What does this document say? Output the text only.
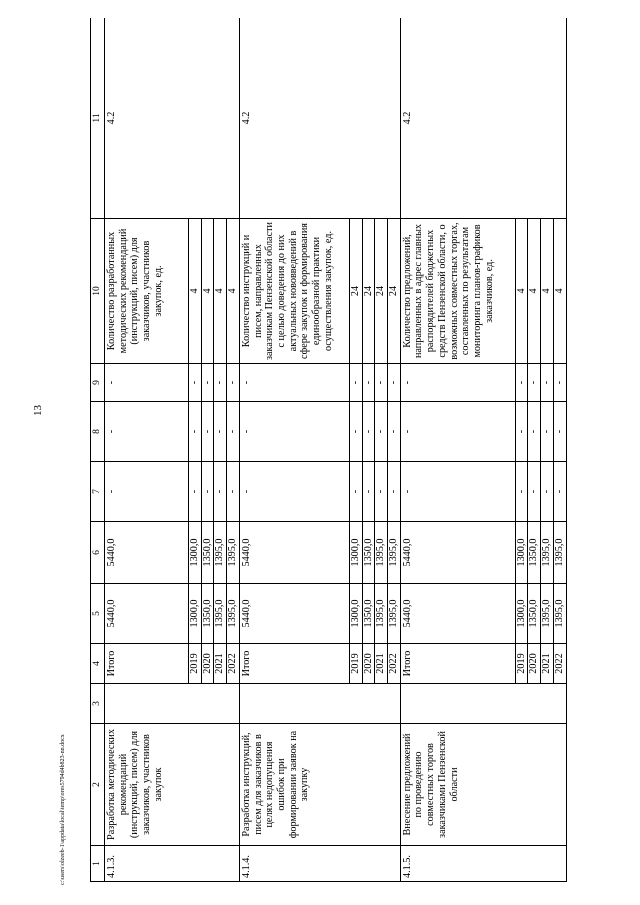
13
1	2	3	4	5	6	7	8	9	10	11
4.1.3.	Разработка методических рекомендаций (инструкций, писем) для заказчиков, участников закупок		Итого	5440,0	5440,0	-	-	-	Количество разработанных методических рекомендаций (инструкций, писем) для заказчиков, участников закупок, ед.	4.2
			2019	1300,0	1300,0	-	-	-	4	
			2020	1350,0	1350,0	-	-	-	4	
			2021	1395,0	1395,0	-	-	-	4	
			2022	1395,0	1395,0	-	-	-	4	
4.1.4.	Разработка инструкций, писем для заказчиков в целях недопущения ошибок при формировании заявок на закупку		Итого	5440,0	5440,0	-	-	-	Количество инструкций и писем, направленных заказчикам Пензенской области с целью доведения до них актуальных нововведений в сфере закупок и формирования единообразной практики осуществления закупок, ед.	4.2
			2019	1300,0	1300,0	-	-	-	24	
			2020	1350,0	1350,0	-	-	-	24	
			2021	1395,0	1395,0	-	-	-	24	
			2022	1395,0	1395,0	-	-	-	24	
4.1.5.	Внесение предложений по проведению совместных торгов заказчиками Пензенской области		Итого	5440,0	5440,0	-	-	-	Количество предложений, направленных в адрес главных распорядителей бюджетных средств Пензенской области, о возможных совместных торгах, составленных по результатам мониторинга планов-графиков заказчиков, ед.	4.2
			2019	1300,0	1300,0	-	-	-	4	
			2020	1350,0	1350,0	-	-	-	4	
			2021	1395,0	1395,0	-	-	-	4	
			2022	1395,0	1395,0	-	-	-	4	
c:\users\olzeeb-1\appdata\local\temp\ores5794d4b823-nn.docx
